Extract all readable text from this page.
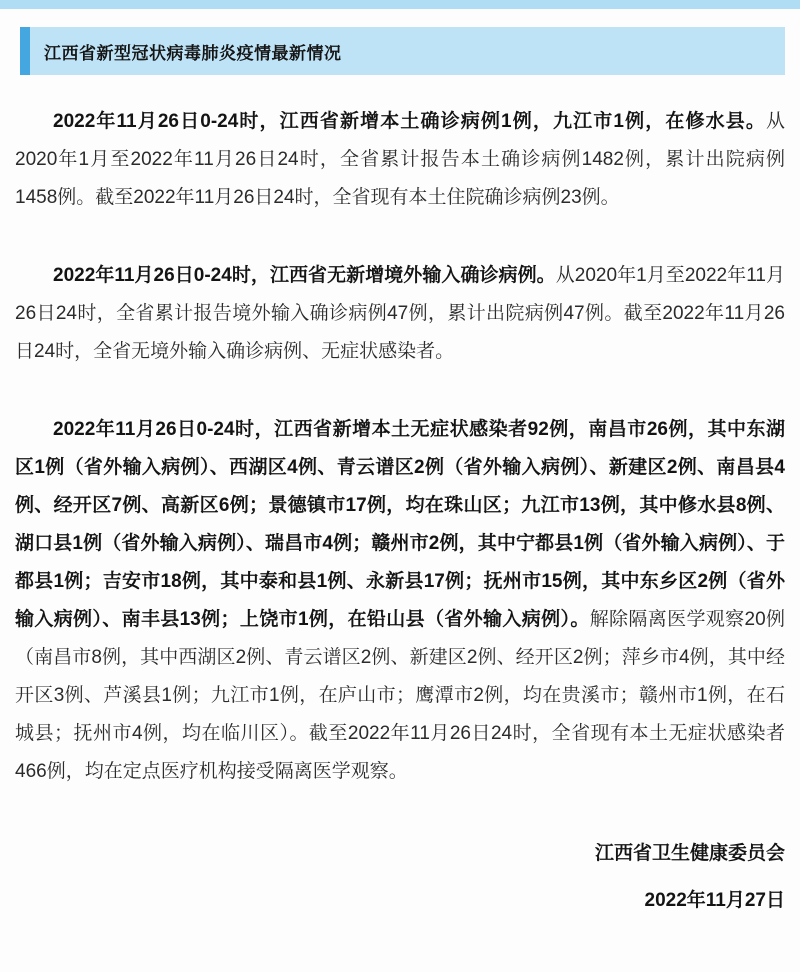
江西省新型冠状病毒肺炎疫情最新情况

2022年11月26日0-24时，江西省新增本土确诊病例1例，九江市1例，在修水县。从2020年1月至2022年11月26日24时，全省累计报告本土确诊病例1482例，累计出院病例1458例。截至2022年11月26日24时，全省现有本土住院确诊病例23例。

2022年11月26日0-24时，江西省无新增境外输入确诊病例。从2020年1月至2022年11月26日24时，全省累计报告境外输入确诊病例47例，累计出院病例47例。截至2022年11月26日24时，全省无境外输入确诊病例、无症状感染者。

2022年11月26日0-24时，江西省新增本土无症状感染者92例，南昌市26例，其中东湖区1例（省外输入病例）、西湖区4例、青云谱区2例（省外输入病例）、新建区2例、南昌县4例、经开区7例、高新区6例；景德镇市17例，均在珠山区；九江市13例，其中修水县8例、湖口县1例（省外输入病例）、瑞昌市4例；赣州市2例，其中宁都县1例（省外输入病例）、于都县1例；吉安市18例，其中泰和县1例、永新县17例；抚州市15例，其中东乡区2例（省外输入病例）、南丰县13例；上饶市1例，在铅山县（省外输入病例）。解除隔离医学观察20例（南昌市8例，其中西湖区2例、青云谱区2例、新建区2例、经开区2例；萍乡市4例，其中经开区3例、芦溪县1例；九江市1例，在庐山市；鹰潭市2例，均在贵溪市；赣州市1例，在石城县；抚州市4例，均在临川区）。截至2022年11月26日24时，全省现有本土无症状感染者466例，均在定点医疗机构接受隔离医学观察。

江西省卫生健康委员会

2022年11月27日
